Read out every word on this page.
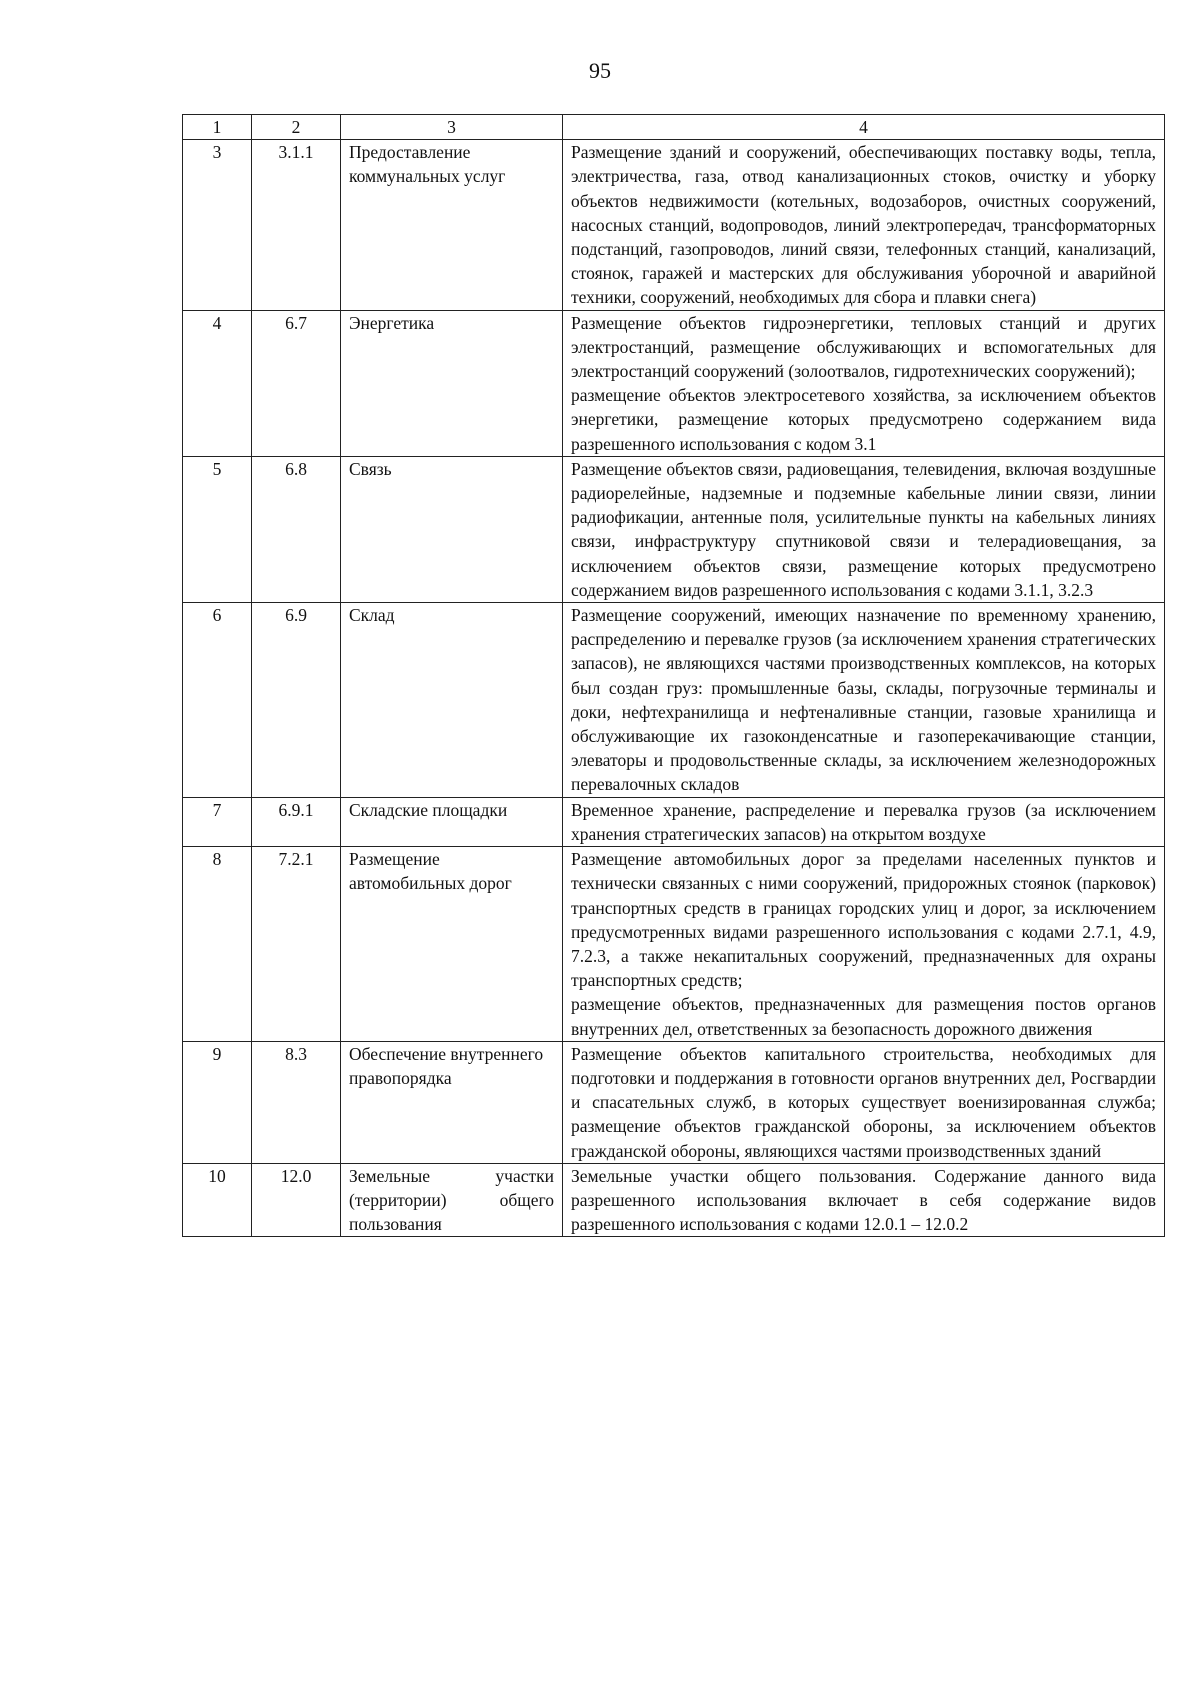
95
1	2	3	4
3	3.1.1	Предоставление коммунальных услуг	Размещение зданий и сооружений, обеспечивающих поставку воды, тепла, электричества, газа, отвод канализационных стоков, очистку и уборку объектов недвижимости (котельных, водозаборов, очистных сооружений, насосных станций, водопроводов, линий электропередач, трансформаторных подстанций, газопроводов, линий связи, телефонных станций, канализаций, стоянок, гаражей и мастерских для обслуживания уборочной и аварийной техники, сооружений, необходимых для сбора и плавки снега)

4	6.7	Энергетика	Размещение объектов гидроэнергетики, тепловых станций и других электростанций, размещение обслуживающих и вспомогательных для электростанций сооружений (золоотвалов, гидротехнических сооружений);
размещение объектов электросетевого хозяйства, за исключением объектов энергетики, размещение которых предусмотрено содержанием вида разрешенного использования с кодом 3.1

5	6.8	Связь	Размещение объектов связи, радиовещания, телевидения, включая воздушные радиорелейные, надземные и подземные кабельные линии связи, линии радиофикации, антенные поля, усилительные пункты на кабельных линиях связи, инфраструктуру спутниковой связи и телерадиовещания, за исключением объектов связи, размещение которых предусмотрено содержанием видов разрешенного использования с кодами 3.1.1, 3.2.3

6	6.9	Склад	Размещение сооружений, имеющих назначение по временному хранению, распределению и перевалке грузов (за исключением хранения стратегических запасов), не являющихся частями производственных комплексов, на которых был создан груз: промышленные базы, склады, погрузочные терминалы и доки, нефтехранилища и нефтеналивные станции, газовые хранилища и обслуживающие их газоконденсатные и газоперекачивающие станции, элеваторы и продовольственные склады, за исключением железнодорожных перевалочных складов

7	6.9.1	Складские площадки	Временное хранение, распределение и перевалка грузов (за исключением хранения стратегических запасов) на открытом воздухе

8	7.2.1	Размещение автомобильных дорог	Размещение автомобильных дорог за пределами населенных пунктов и технически связанных с ними сооружений, придорожных стоянок (парковок) транспортных средств в границах городских улиц и дорог, за исключением предусмотренных видами разрешенного использования с кодами 2.7.1, 4.9, 7.2.3, а также некапитальных сооружений, предназначенных для охраны транспортных средств;
размещение объектов, предназначенных для размещения постов органов внутренних дел, ответственных за безопасность дорожного движения

9	8.3	Обеспечение внутреннего правопорядка	Размещение объектов капитального строительства, необходимых для подготовки и поддержания в готовности органов внутренних дел, Росгвардии и спасательных служб, в которых существует военизированная служба; размещение объектов гражданской обороны, за исключением объектов гражданской обороны, являющихся частями производственных зданий

10	12.0	Земельные участки (территории) общего пользования	Земельные участки общего пользования. Содержание данного вида разрешенного использования включает в себя содержание видов разрешенного использования с кодами 12.0.1 – 12.0.2
